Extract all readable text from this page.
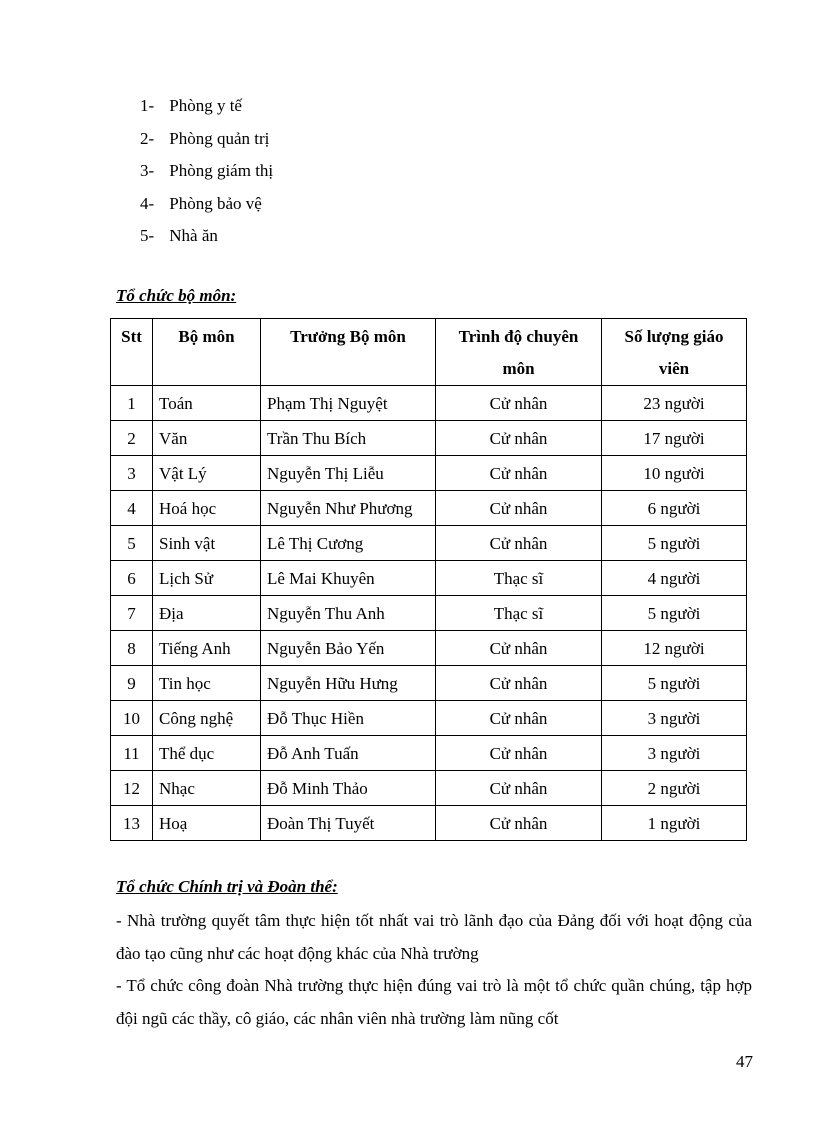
1- Phòng y tế
2- Phòng quản trị
3- Phòng giám thị
4- Phòng bảo vệ
5- Nhà ăn
Tổ chức bộ môn:
Stt	Bộ môn	Trưởng Bộ môn	Trình độ chuyên môn	Số lượng giáo viên
1	Toán	Phạm Thị Nguyệt	Cử nhân	23 người
2	Văn	Trần Thu Bích	Cử nhân	17 người
3	Vật Lý	Nguyễn Thị Liễu	Cử nhân	10 người
4	Hoá học	Nguyễn Như Phương	Cử nhân	6 người
5	Sinh vật	Lê Thị Cương	Cử nhân	5 người
6	Lịch Sử	Lê Mai Khuyên	Thạc sĩ	4 người
7	Địa	Nguyễn Thu Anh	Thạc sĩ	5 người
8	Tiếng Anh	Nguyễn Bảo Yến	Cử nhân	12 người
9	Tin học	Nguyễn Hữu Hưng	Cử nhân	5 người
10	Công nghệ	Đỗ Thục Hiền	Cử nhân	3 người
11	Thể dục	Đỗ Anh Tuấn	Cử nhân	3 người
12	Nhạc	Đỗ Minh Thảo	Cử nhân	2 người
13	Hoạ	Đoàn Thị Tuyết	Cử nhân	1 người
Tổ chức Chính trị và Đoàn thể:
- Nhà trường quyết tâm thực hiện tốt nhất vai trò lãnh đạo của Đảng đối với hoạt động của đào tạo cũng như các hoạt động khác của Nhà trường
- Tổ chức công đoàn Nhà trường thực hiện đúng vai trò là một tổ chức quần chúng, tập hợp đội ngũ các thầy, cô giáo, các nhân viên nhà trường làm nũng cốt
47
